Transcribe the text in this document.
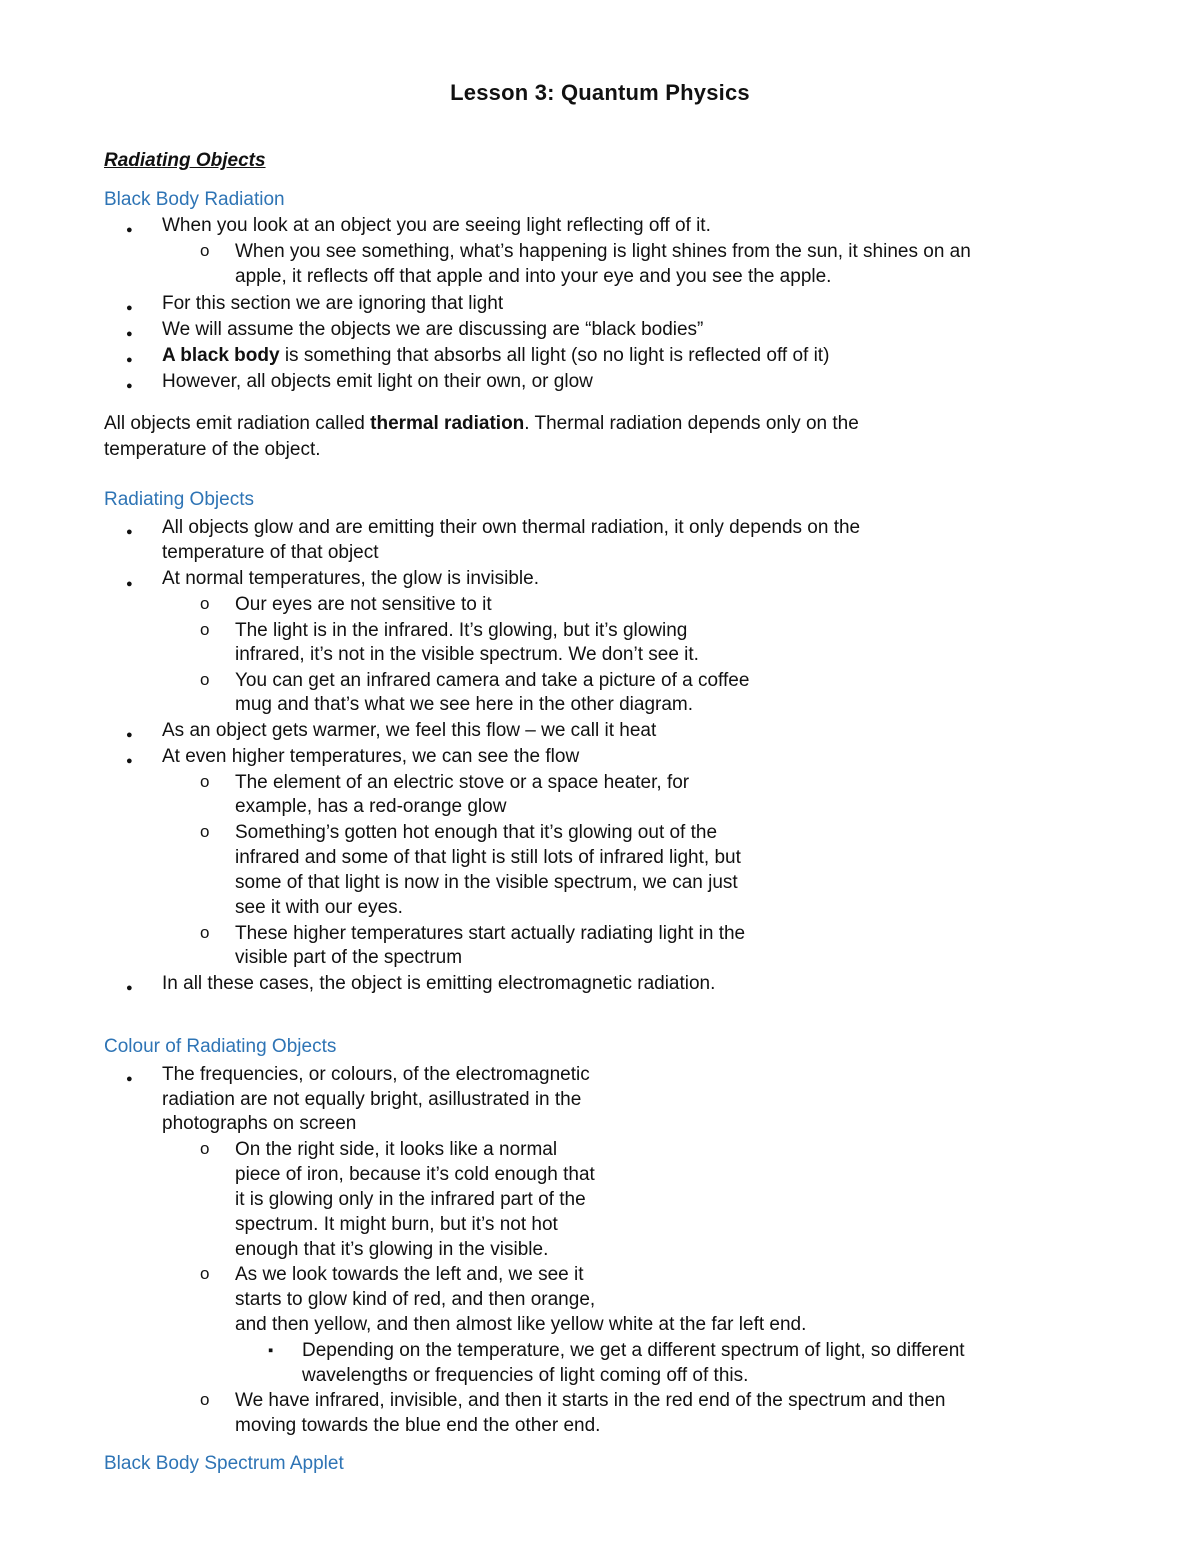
Lesson 3: Quantum Physics
Radiating Objects
Black Body Radiation
●
When you look at an object you are seeing light reflecting off of it.
o
When you see something, what’s happening is light shines from the sun, it shines on an
apple, it reflects off that apple and into your eye and you see the apple.
●
For this section we are ignoring that light
●
We will assume the objects we are discussing are “black bodies”
●
A black body is something that absorbs all light (so no light is reflected off of it)
●
However, all objects emit light on their own, or glow
All objects emit radiation called thermal radiation. Thermal radiation depends only on the
temperature of the object.
Radiating Objects
●
All objects glow and are emitting their own thermal radiation, it only depends on the
temperature of that object
●
At normal temperatures, the glow is invisible.
o
Our eyes are not sensitive to it
o
The light is in the infrared. It’s glowing, but it’s glowing
infrared, it’s not in the visible spectrum. We don’t see it.
o
You can get an infrared camera and take a picture of a coffee
mug and that’s what we see here in the other diagram.
●
As an object gets warmer, we feel this flow – we call it heat
●
At even higher temperatures, we can see the flow
o
The element of an electric stove or a space heater, for
example, has a red-orange glow
o
Something’s gotten hot enough that it’s glowing out of the
infrared and some of that light is still lots of infrared light, but
some of that light is now in the visible spectrum, we can just
see it with our eyes.
o
These higher temperatures start actually radiating light in the
visible part of the spectrum
●
In all these cases, the object is emitting electromagnetic radiation.
Colour of Radiating Objects
●
The frequencies, or colours, of the electromagnetic
radiation are not equally bright, asillustrated in the
photographs on screen
o
On the right side, it looks like a normal
piece of iron, because it’s cold enough that
it is glowing only in the infrared part of the
spectrum. It might burn, but it’s not hot
enough that it’s glowing in the visible.
o
As we look towards the left and, we see it
starts to glow kind of red, and then orange,
and then yellow, and then almost like yellow white at the far left end.
▪
Depending on the temperature, we get a different spectrum of light, so different
wavelengths or frequencies of light coming off of this.
o
We have infrared, invisible, and then it starts in the red end of the spectrum and then
moving towards the blue end the other end.
Black Body Spectrum Applet
